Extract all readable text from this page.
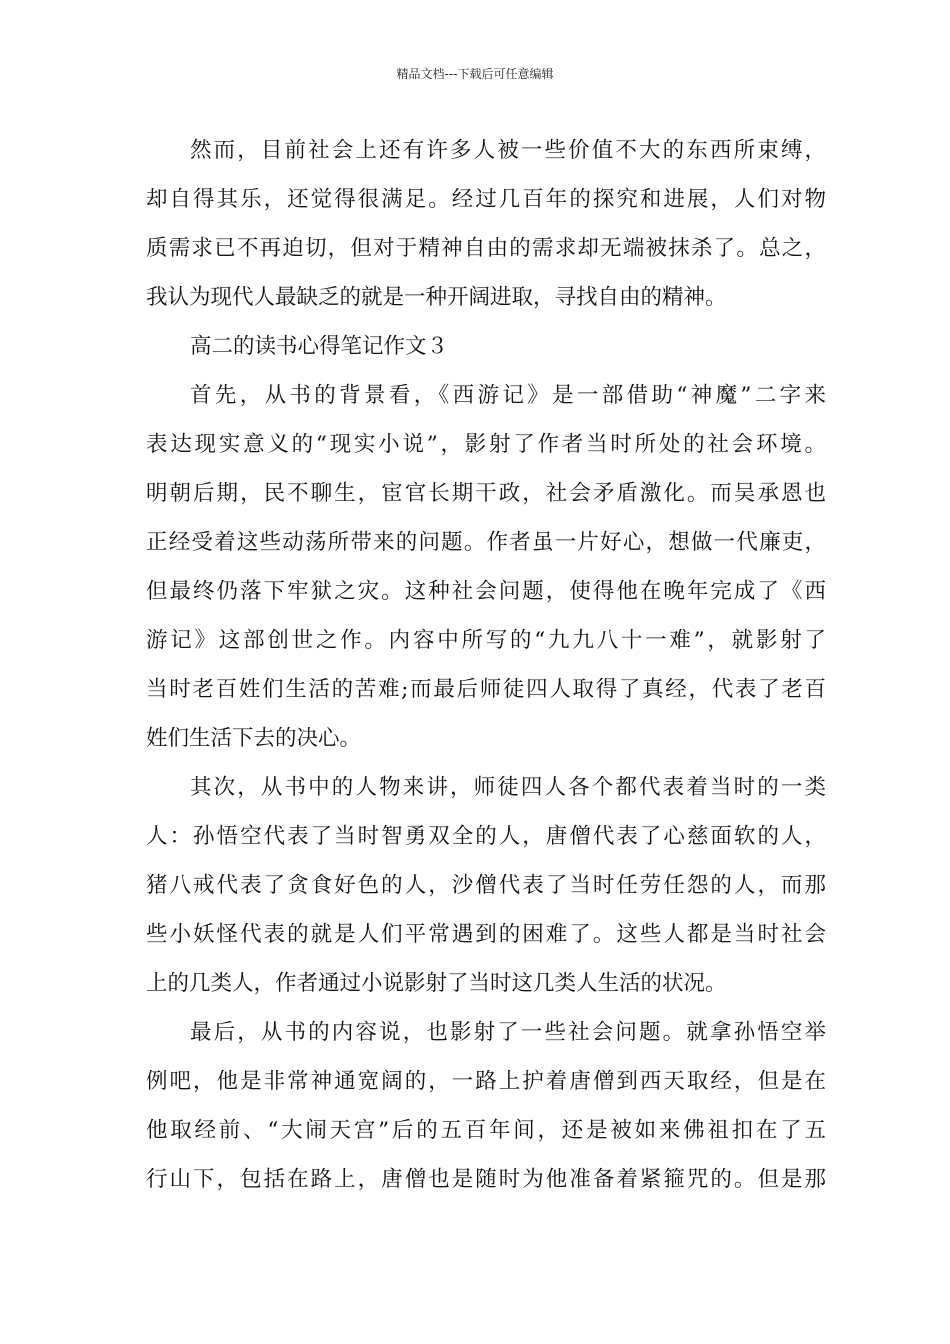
精品文档---下载后可任意编辑
然而，目前社会上还有许多人被一些价值不大的东西所束缚，
却自得其乐，还觉得很满足。经过几百年的探究和进展，人们对物
质需求已不再迫切，但对于精神自由的需求却无端被抹杀了。总之，
我认为现代人最缺乏的就是一种开阔进取，寻找自由的精神。
高二的读书心得笔记作文３
首先，从书的背景看，《西游记》是一部借助“神魔”二字来
表达现实意义的“现实小说”，影射了作者当时所处的社会环境。
明朝后期，民不聊生，宦官长期干政，社会矛盾激化。而吴承恩也
正经受着这些动荡所带来的问题。作者虽一片好心，想做一代廉吏，
但最终仍落下牢狱之灾。这种社会问题，使得他在晚年完成了《西
游记》这部创世之作。内容中所写的“九九八十一难”，就影射了
当时老百姓们生活的苦难;而最后师徒四人取得了真经，代表了老百
姓们生活下去的决心。
其次，从书中的人物来讲，师徒四人各个都代表着当时的一类
人：孙悟空代表了当时智勇双全的人，唐僧代表了心慈面软的人，
猪八戒代表了贪食好色的人，沙僧代表了当时任劳任怨的人，而那
些小妖怪代表的就是人们平常遇到的困难了。这些人都是当时社会
上的几类人，作者通过小说影射了当时这几类人生活的状况。
最后，从书的内容说，也影射了一些社会问题。就拿孙悟空举
例吧，他是非常神通宽阔的，一路上护着唐僧到西天取经，但是在
他取经前、“大闹天宫”后的五百年间，还是被如来佛祖扣在了五
行山下，包括在路上，唐僧也是随时为他准备着紧箍咒的。但是那
